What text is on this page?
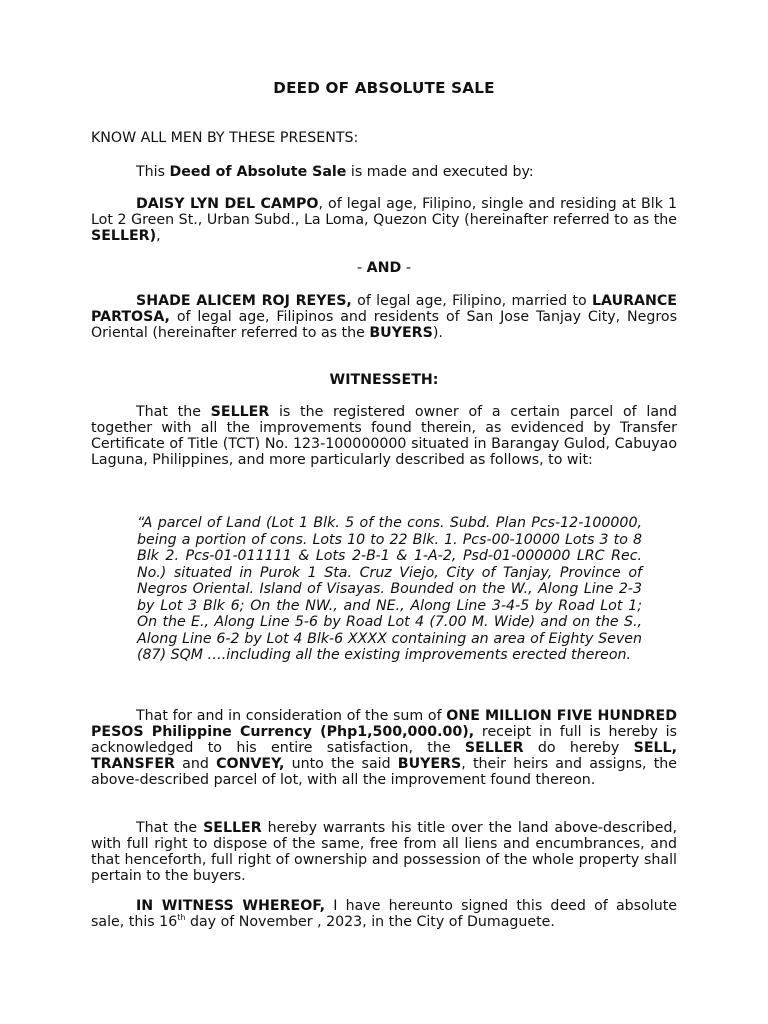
DEED OF ABSOLUTE SALE

KNOW ALL MEN BY THESE PRESENTS:

This Deed of Absolute Sale is made and executed by:

DAISY LYN DEL CAMPO, of legal age, Filipino, single and residing at Blk 1 Lot 2 Green St., Urban Subd., La Loma, Quezon City (hereinafter referred to as the SELLER),

- AND -

SHADE ALICEM ROJ REYES, of legal age, Filipino, married to LAURANCE PARTOSA, of legal age, Filipinos and residents of San Jose Tanjay City, Negros Oriental (hereinafter referred to as the BUYERS).

WITNESSETH:

That the SELLER is the registered owner of a certain parcel of land together with all the improvements found therein, as evidenced by Transfer Certificate of Title (TCT) No. 123-100000000 situated in Barangay Gulod, Cabuyao Laguna, Philippines, and more particularly described as follows, to wit:

“A parcel of Land (Lot 1 Blk. 5 of the cons. Subd. Plan Pcs-12-100000, being a portion of cons. Lots 10 to 22 Blk. 1. Pcs-00-10000 Lots 3 to 8 Blk 2. Pcs-01-011111 & Lots 2-B-1 & 1-A-2, Psd-01-000000 LRC Rec. No.) situated in Purok 1 Sta. Cruz Viejo, City of Tanjay, Province of Negros Oriental. Island of Visayas. Bounded on the W., Along Line 2-3 by Lot 3 Blk 6; On the NW., and NE., Along Line 3-4-5 by Road Lot 1; On the E., Along Line 5-6 by Road Lot 4 (7.00 M. Wide) and on the S., Along Line 6-2 by Lot 4 Blk-6 XXXX containing an area of Eighty Seven (87) SQM ….including all the existing improvements erected thereon.

That for and in consideration of the sum of ONE MILLION FIVE HUNDRED PESOS Philippine Currency (Php1,500,000.00), receipt in full is hereby is acknowledged to his entire satisfaction, the SELLER do hereby SELL, TRANSFER and CONVEY, unto the said BUYERS, their heirs and assigns, the above-described parcel of lot, with all the improvement found thereon.

That the SELLER hereby warrants his title over the land above-described, with full right to dispose of the same, free from all liens and encumbrances, and that henceforth, full right of ownership and possession of the whole property shall pertain to the buyers.

IN WITNESS WHEREOF, I have hereunto signed this deed of absolute sale, this 16th day of November , 2023, in the City of Dumaguete.
